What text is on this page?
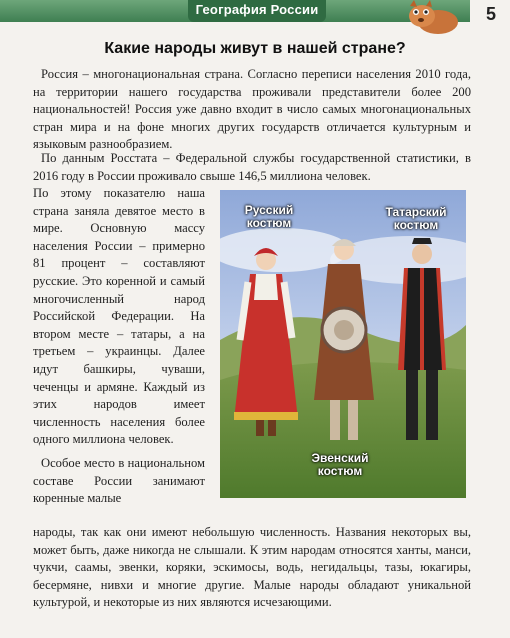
География России	5
Какие народы живут в нашей стране?

Россия – многонациональная страна. Согласно переписи населения 2010 года, на территории нашего государства проживали представители более 200 национальностей! Россия уже давно входит в число самых многонациональных стран мира и на фоне многих других государств отличается культурным и языковым разнообразием.

По данным Росстата – Федеральной службы государственной статистики, в 2016 году в России проживало свыше 146,5 миллиона человек.

По этому показателю наша страна заняла девятое место в мире. Основную массу населения России – примерно 81 процент – составляют русские. Это коренной и самый многочисленный народ Российской Федерации. На втором месте – татары, а на третьем – украинцы. Далее идут башкиры, чуваши, чеченцы и армяне. Каждый из этих народов имеет численность населения более одного миллиона человек.

Особое место в национальном составе России занимают коренные малые

народы, так как они имеют небольшую численность. Названия некоторых вы, может быть, даже никогда не слышали. К этим народам относятся ханты, манси, чукчи, саамы, эвенки, коряки, эскимосы, водь, негидальцы, тазы, юкагиры, бесермяне, нивхи и многие другие. Малые народы обладают уникальной культурой, и некоторые из них являются исчезающими.

Русский костюм
Татарский костюм
Эвенский костюм
